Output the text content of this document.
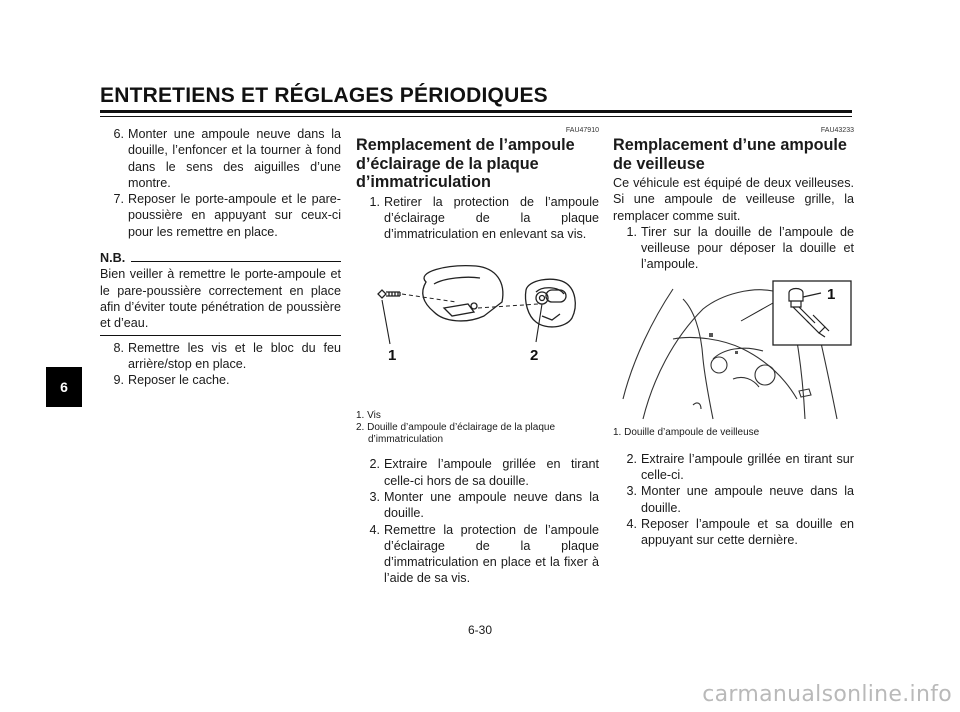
ENTRETIENS ET RÉGLAGES PÉRIODIQUES
6
6. Monter une ampoule neuve dans la douille, l’enfoncer et la tourner à fond dans le sens des aiguilles d’une montre.
7. Reposer le porte-ampoule et le pare-poussière en appuyant sur ceux-ci pour les remettre en place.
N.B.
Bien veiller à remettre le porte-ampoule et le pare-poussière correctement en place afin d’éviter toute pénétration de poussière et d’eau.
8. Remettre les vis et le bloc du feu arrière/stop en place.
9. Reposer le cache.
FAU47910
Remplacement de l’ampoule d’éclairage de la plaque d’immatriculation
1. Retirer la protection de l’ampoule d’éclairage de la plaque d’immatriculation en enlevant sa vis.
1	2
1. Vis
2. Douille d’ampoule d’éclairage de la plaque
d’immatriculation
2. Extraire l’ampoule grillée en tirant celle-ci hors de sa douille.
3. Monter une ampoule neuve dans la douille.
4. Remettre la protection de l’ampoule d’éclairage de la plaque d’immatriculation en place et la fixer à l’aide de sa vis.
FAU43233
Remplacement d’une ampoule de veilleuse
Ce véhicule est équipé de deux veilleuses. Si une ampoule de veilleuse grille, la remplacer comme suit.
1. Tirer sur la douille de l’ampoule de veilleuse pour déposer la douille et l’ampoule.
1
1. Douille d’ampoule de veilleuse
2. Extraire l’ampoule grillée en tirant sur celle-ci.
3. Monter une ampoule neuve dans la douille.
4. Reposer l’ampoule et sa douille en appuyant sur cette dernière.
6-30
carmanualsonline.info
